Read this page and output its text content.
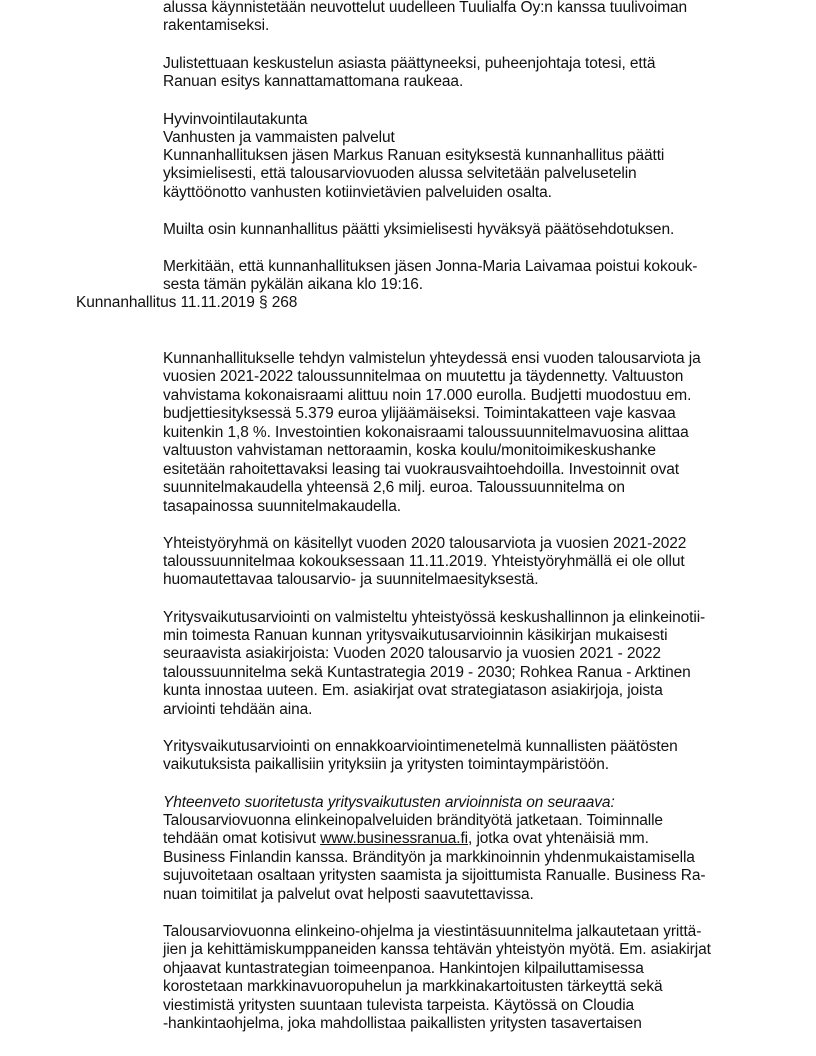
alussa käynnistetään neuvottelut uudelleen Tuulialfa Oy:n kanssa tuulivoiman
rakentamiseksi.
Julistettuaan keskustelun asiasta päättyneeksi, puheenjohtaja totesi, että
Ranuan esitys kannattamattomana raukeaa.
Hyvinvointilautakunta
Vanhusten ja vammaisten palvelut
Kunnanhallituksen jäsen Markus Ranuan esityksestä kunnanhallitus päätti
yksimielisesti, että talousarviovuoden alussa selvitetään palvelusetelin
käyttöönotto vanhusten kotiinvietävien palveluiden osalta.
Muilta osin kunnanhallitus päätti yksimielisesti hyväksyä päätösehdotuksen.
Merkitään, että kunnanhallituksen jäsen Jonna-Maria Laivamaa poistui kokouk-
sesta tämän pykälän aikana klo 19:16.
Kunnanhallitus 11.11.2019 § 268
Kunnanhallitukselle tehdyn valmistelun yhteydessä ensi vuoden talousarviota ja
vuosien 2021-2022 taloussunnitelmaa on muutettu ja täydennetty. Valtuuston
vahvistama kokonaisraami alittuu noin 17.000 eurolla. Budjetti muodostuu em.
budjettiesityksessä 5.379 euroa ylijäämäiseksi. Toimintakatteen vaje kasvaa
kuitenkin 1,8 %. Investointien kokonaisraami taloussuunnitelmavuosina alittaa
valtuuston vahvistaman nettoraamin, koska koulu/monitoimikeskushanke
esitetään rahoitettavaksi leasing tai vuokrausvaihtoehdoilla. Investoinnit ovat
suunnitelmakaudella yhteensä 2,6 milj. euroa. Taloussuunnitelma on
tasapainossa suunnitelmakaudella.
Yhteistyöryhmä on käsitellyt vuoden 2020 talousarviota ja vuosien 2021-2022
taloussuunnitelmaa kokouksessaan 11.11.2019. Yhteistyöryhmällä ei ole ollut
huomautettavaa talousarvio- ja suunnitelmaesityksestä.
Yritysvaikutusarviointi on valmisteltu yhteistyössä keskushallinnon ja elinkeinotii-
min toimesta Ranuan kunnan yritysvaikutusarvioinnin käsikirjan mukaisesti
seuraavista asiakirjoista: Vuoden 2020 talousarvio ja vuosien 2021 - 2022
taloussuunnitelma sekä Kuntastrategia 2019 - 2030; Rohkea Ranua - Arktinen
kunta innostaa uuteen. Em. asiakirjat ovat strategiatason asiakirjoja, joista
arviointi tehdään aina.
Yritysvaikutusarviointi on ennakkoarviointimenetelmä kunnallisten päätösten
vaikutuksista paikallisiin yrityksiin ja yritysten toimintaympäristöön.
Yhteenveto suoritetusta yritysvaikutusten arvioinnista on seuraava:
Talousarviovuonna elinkeinopalveluiden brändityötä jatketaan. Toiminnalle
tehdään omat kotisivut www.businessranua.fi, jotka ovat yhtenäisiä mm.
Business Finlandin kanssa. Brändityön ja markkinoinnin yhdenmukaistamisella
sujuvoitetaan osaltaan yritysten saamista ja sijoittumista Ranualle. Business Ra-
nuan toimitilat ja palvelut ovat helposti saavutettavissa.
Talousarviovuonna elinkeino-ohjelma ja viestintäsuunnitelma jalkautetaan yrittä-
jien ja kehittämiskumppaneiden kanssa tehtävän yhteistyön myötä. Em. asiakirjat
ohjaavat kuntastrategian toimeenpanoa. Hankintojen kilpailuttamisessa
korostetaan markkinavuoropuhelun ja markkinakartoitusten tärkeyttä sekä
viestimistä yritysten suuntaan tulevista tarpeista. Käytössä on Cloudia
-hankintaohjelma, joka mahdollistaa paikallisten yritysten tasavertaisen
